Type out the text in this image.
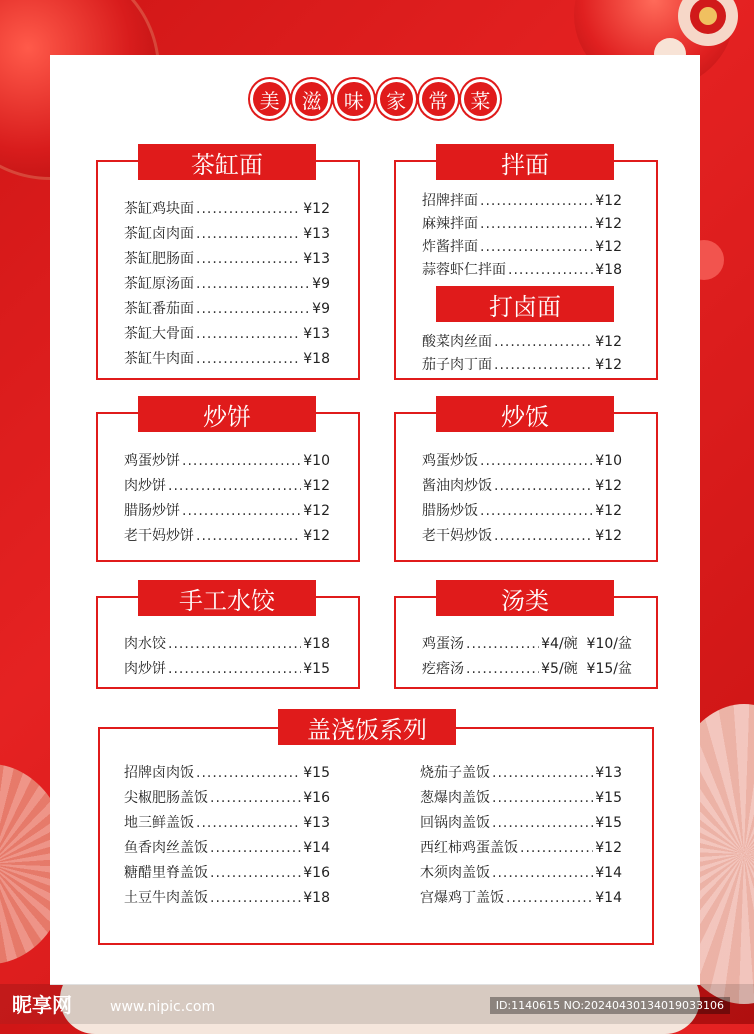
美	滋	味	家	常	菜
茶缸面
茶缸鸡块面 .....	¥12
茶缸卤肉面 .....	¥13
茶缸肥肠面 .....	¥13
茶缸原汤面 .....	¥9
茶缸番茄面 .....	¥9
茶缸大骨面 .....	¥13
茶缸牛肉面 .....	¥18
拌面
招牌拌面 .....	¥12
麻辣拌面 .....	¥12
炸酱拌面 .....	¥12
蒜蓉虾仁拌面 .....	¥18
打卤面
酸菜肉丝面 .....	¥12
茄子肉丁面 .....	¥12
炒饼
鸡蛋炒饼 .....	¥10
肉炒饼 .....	¥12
腊肠炒饼 .....	¥12
老干妈炒饼 .....	¥12
炒饭
鸡蛋炒饭 .....	¥10
酱油肉炒饭 .....	¥12
腊肠炒饭 .....	¥12
老干妈炒饭 .....	¥12
手工水饺
肉水饺 .....	¥18
肉炒饼 .....	¥15
汤类
鸡蛋汤 .....	¥4/碗  ¥10/盆
疙瘩汤 .....	¥5/碗  ¥15/盆
盖浇饭系列
招牌卤肉饭 .....	¥15
尖椒肥肠盖饭 .....	¥16
地三鲜盖饭 .....	¥13
鱼香肉丝盖饭 .....	¥14
糖醋里脊盖饭 .....	¥16
土豆牛肉盖饭 .....	¥18
烧茄子盖饭 .....	¥13
葱爆肉盖饭 .....	¥15
回锅肉盖饭 .....	¥15
西红柿鸡蛋盖饭 .....	¥12
木须肉盖饭 .....	¥14
宫爆鸡丁盖饭 .....	¥14
昵享网	www.nipic.com	ID:1140615 NO:20240430134019033106
